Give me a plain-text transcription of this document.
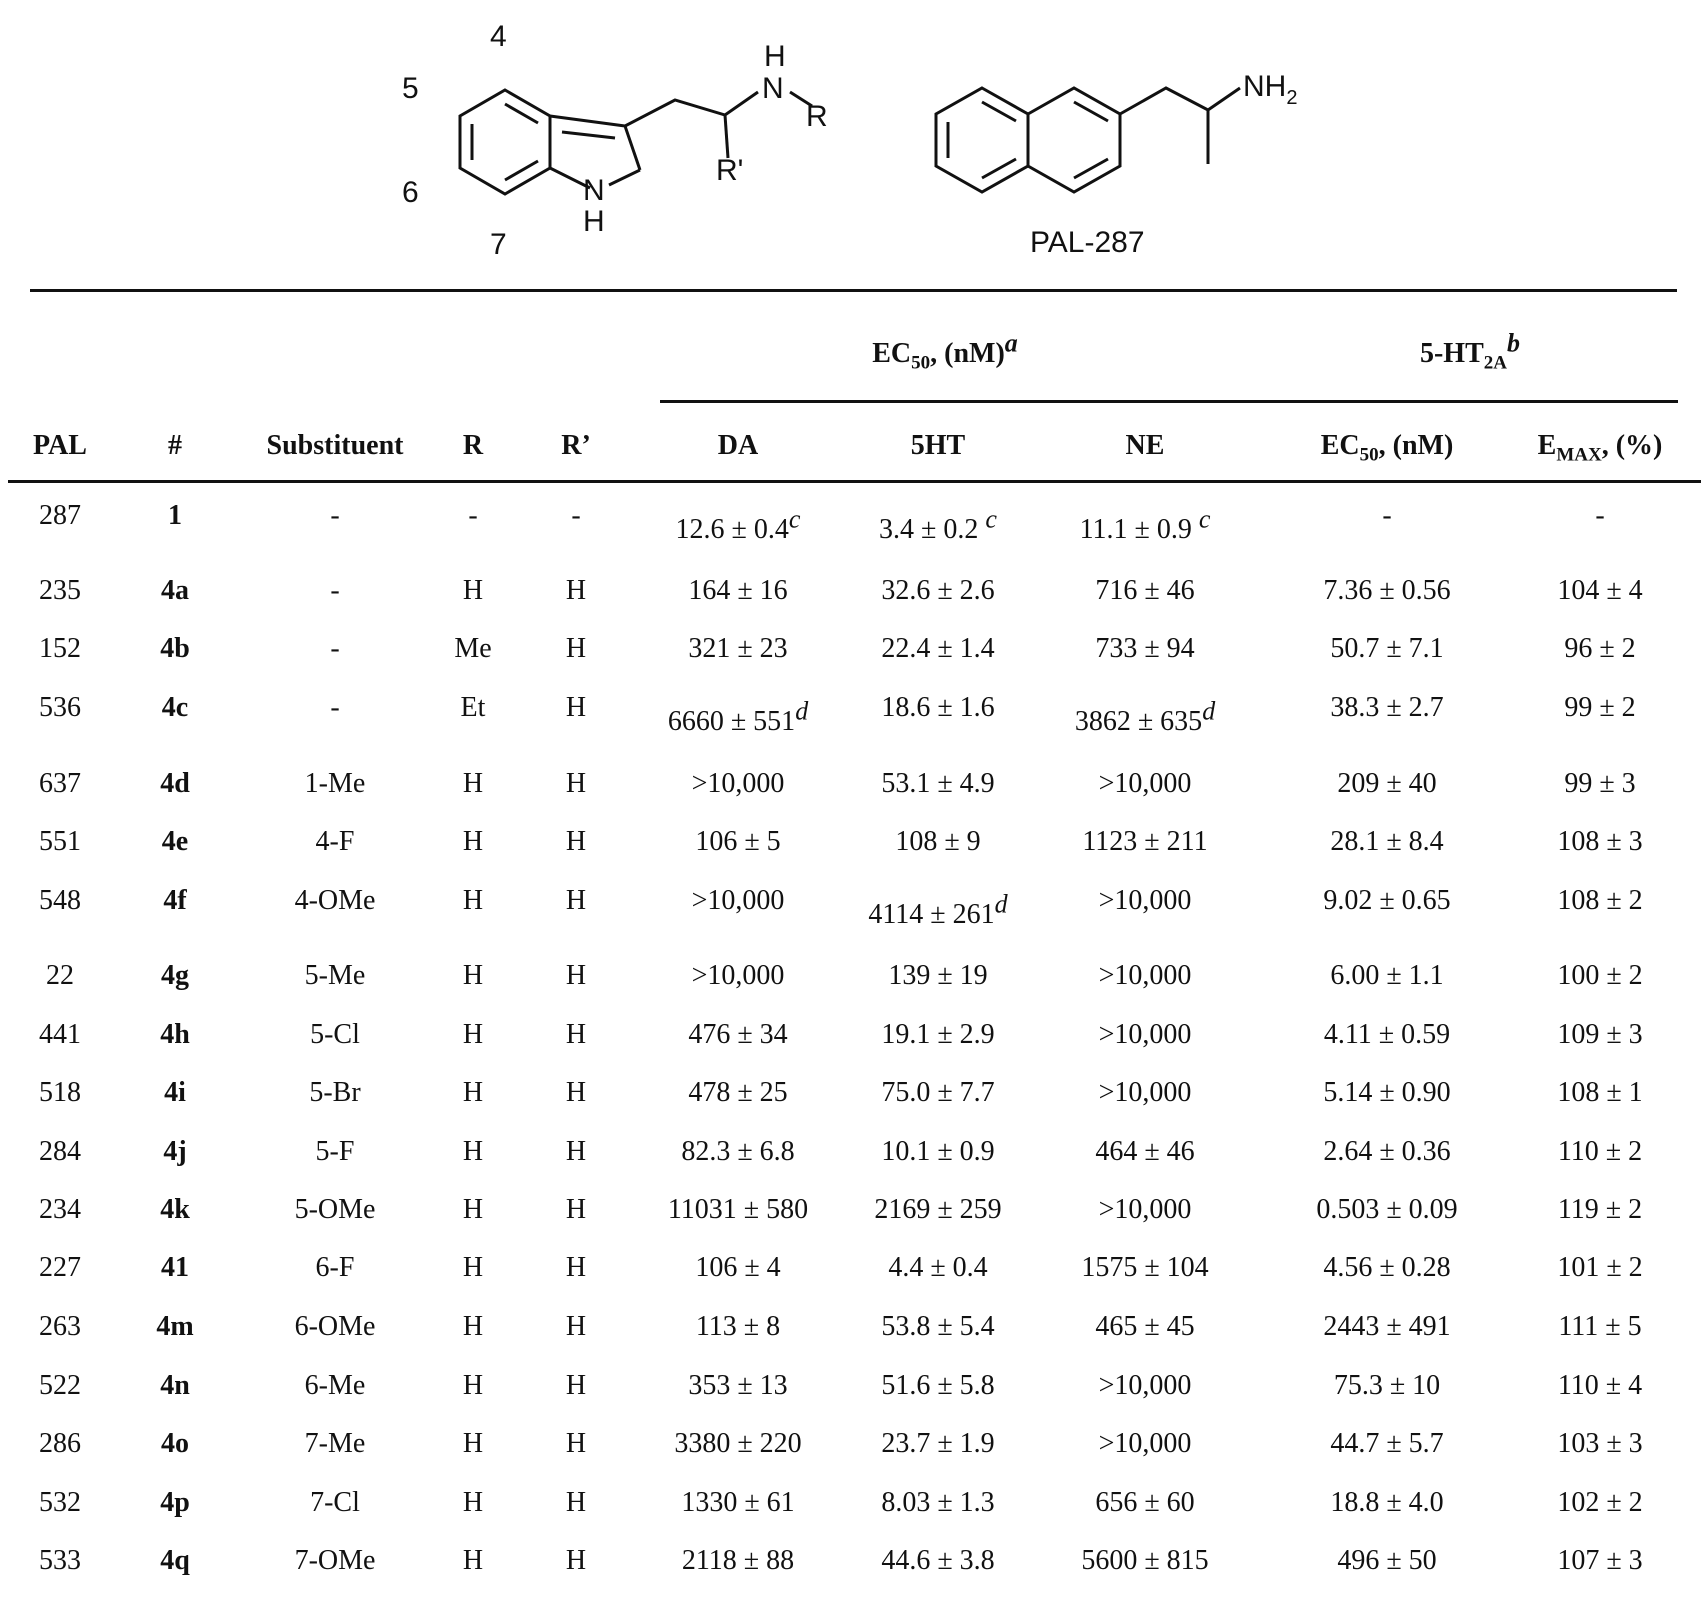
4
5
6
7
N
H
H
N
R
R'
$NH_2$
PAL-287
$EC_{50}$, (nM)a	$5-HT_{2A}b$
PAL	#	Substituent	R	R’	DA	5HT	NE	$EC_{50}$, (nM)	$E_{MAX}$, (%)
287	1	-	-	-	12.6 ± 0.4c	3.4 ± 0.2 c	11.1 ± 0.9 c	-	-
235	4a	-	H	H	164 ± 16	32.6 ± 2.6	716 ± 46	7.36 ± 0.56	104 ± 4
152	4b	-	Me	H	321 ± 23	22.4 ± 1.4	733 ± 94	50.7 ± 7.1	96 ± 2
536	4c	-	Et	H	6660 ± 551d	18.6 ± 1.6	3862 ± 635d	38.3 ± 2.7	99 ± 2
637	4d	1-Me	H	H	>10,000	53.1 ± 4.9	>10,000	209 ± 40	99 ± 3
551	4e	4-F	H	H	106 ± 5	108 ± 9	1123 ± 211	28.1 ± 8.4	108 ± 3
548	4f	4-OMe	H	H	>10,000	4114 ± 261d	>10,000	9.02 ± 0.65	108 ± 2
22	4g	5-Me	H	H	>10,000	139 ± 19	>10,000	6.00 ± 1.1	100 ± 2
441	4h	5-Cl	H	H	476 ± 34	19.1 ± 2.9	>10,000	4.11 ± 0.59	109 ± 3
518	4i	5-Br	H	H	478 ± 25	75.0 ± 7.7	>10,000	5.14 ± 0.90	108 ± 1
284	4j	5-F	H	H	82.3 ± 6.8	10.1 ± 0.9	464 ± 46	2.64 ± 0.36	110 ± 2
234	4k	5-OMe	H	H	11031 ± 580	2169 ± 259	>10,000	0.503 ± 0.09	119 ± 2
227	41	6-F	H	H	106 ± 4	4.4 ± 0.4	1575 ± 104	4.56 ± 0.28	101 ± 2
263	4m	6-OMe	H	H	113 ± 8	53.8 ± 5.4	465 ± 45	2443 ± 491	111 ± 5
522	4n	6-Me	H	H	353 ± 13	51.6 ± 5.8	>10,000	75.3 ± 10	110 ± 4
286	4o	7-Me	H	H	3380 ± 220	23.7 ± 1.9	>10,000	44.7 ± 5.7	103 ± 3
532	4p	7-Cl	H	H	1330 ± 61	8.03 ± 1.3	656 ± 60	18.8 ± 4.0	102 ± 2
533	4q	7-OMe	H	H	2118 ± 88	44.6 ± 3.8	5600 ± 815	496 ± 50	107 ± 3
